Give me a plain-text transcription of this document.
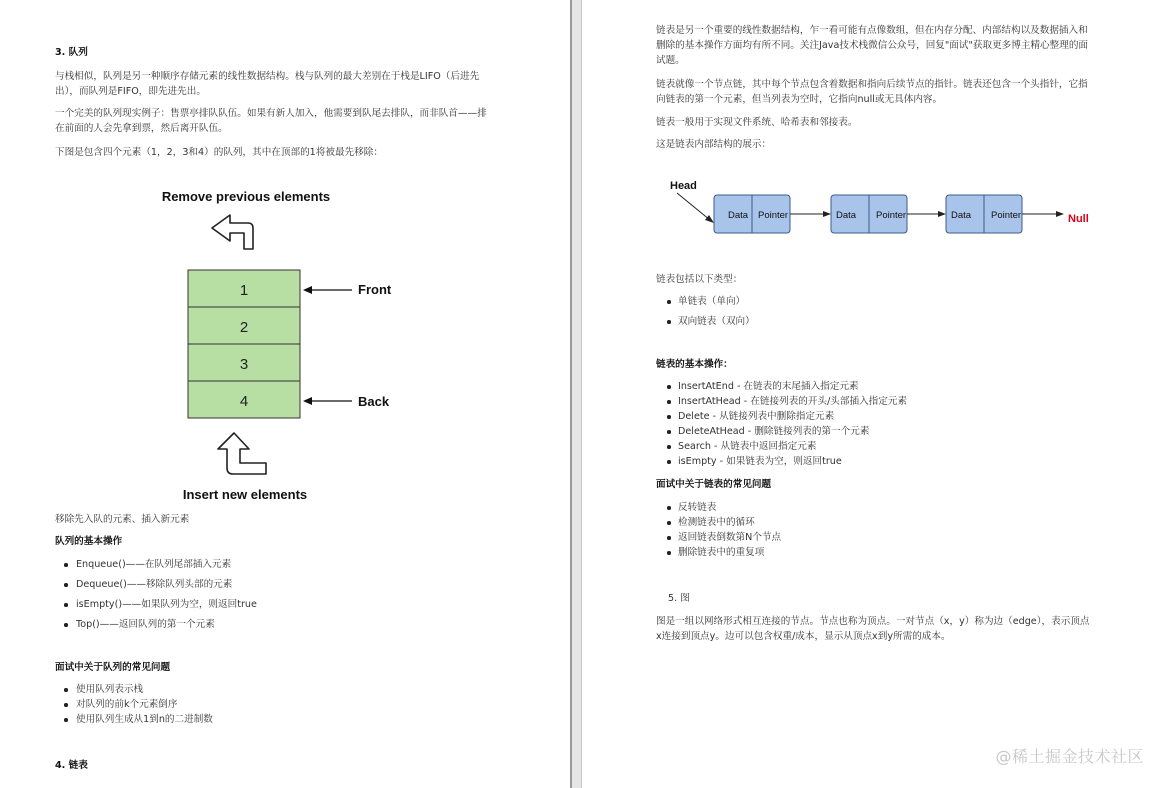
3. 队列
与栈相似，队列是另一种顺序存储元素的线性数据结构。栈与队列的最大差别在于栈是LIFO（后进先
出），而队列是FIFO，即先进先出。
一个完美的队列现实例子：售票亭排队队伍。如果有新人加入，他需要到队尾去排队，而非队首——排
在前面的人会先拿到票，然后离开队伍。
下图是包含四个元素（1，2，3和4）的队列，其中在顶部的1将被最先移除：
Remove previous elements
1
2
3
4
Front
Back
Insert new elements
移除先入队的元素、插入新元素
队列的基本操作
Enqueue()——在队列尾部插入元素
Dequeue()——移除队列头部的元素
isEmpty()——如果队列为空，则返回true
Top()——返回队列的第一个元素
面试中关于队列的常见问题
使用队列表示栈
对队列的前k个元素倒序
使用队列生成从1到n的二进制数
4. 链表
链表是另一个重要的线性数据结构，乍一看可能有点像数组，但在内存分配、内部结构以及数据插入和
删除的基本操作方面均有所不同。关注Java技术栈微信公众号，回复"面试"获取更多博主精心整理的面
试题。
链表就像一个节点链，其中每个节点包含着数据和指向后续节点的指针。链表还包含一个头指针，它指
向链表的第一个元素，但当列表为空时，它指向null或无具体内容。
链表一般用于实现文件系统、哈希表和邻接表。
这是链表内部结构的展示：
Head
Data Pointer	Data Pointer	Data Pointer	Null
链表包括以下类型：
单链表（单向）
双向链表（双向）
链表的基本操作：
InsertAtEnd - 在链表的末尾插入指定元素
InsertAtHead - 在链接列表的开头/头部插入指定元素
Delete - 从链接列表中删除指定元素
DeleteAtHead - 删除链接列表的第一个元素
Search - 从链表中返回指定元素
isEmpty - 如果链表为空，则返回true
面试中关于链表的常见问题
反转链表
检测链表中的循环
返回链表倒数第N个节点
删除链表中的重复项
5. 图
图是一组以网络形式相互连接的节点。节点也称为顶点。一对节点（x，y）称为边（edge），表示顶点
x连接到顶点y。边可以包含权重/成本，显示从顶点x到y所需的成本。
@稀土掘金技术社区
